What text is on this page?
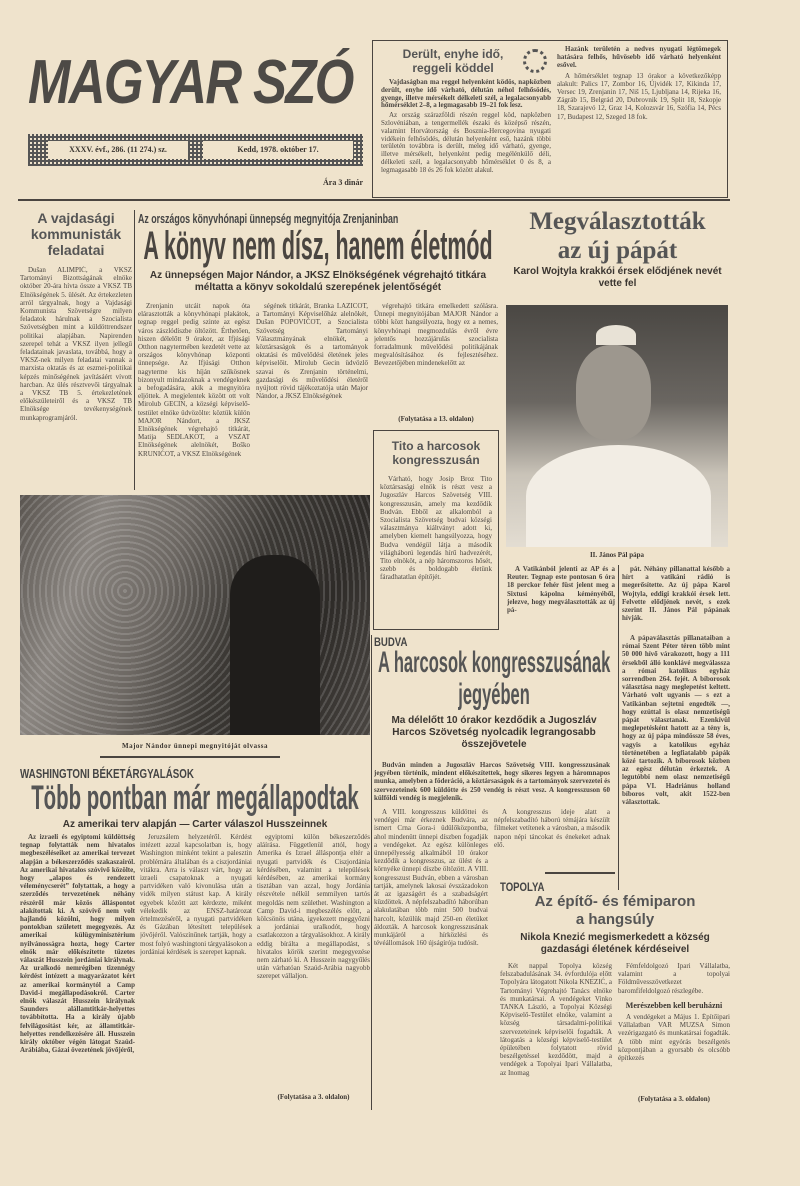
MAGYAR SZÓ
XXXV. évf., 286. (11 274.) sz.	Kedd, 1978. október 17.
Ára 3 dinár
Derült, enyhe idő,
reggeli köddel

Vajdaságban ma reggel helyenként ködös, napközben derült, enyhe idő várható, délután néhol felhősödés, gyenge, illetve mérsékelt délkeleti szél, a legalacsonyabb hőmérséklet 2–8, a legmagasabb 19–21 fok lesz.

Az ország szárazföldi részén reggel köd, napközben Szlovéniában, a tengermellék északi és középső részén, valamint Horvátország és Bosznia-Hercegovina nyugati vidékein felhősödés, délután helyenként eső, hazánk többi területén továbbra is derült, meleg idő várható, gyenge, illetve mérsékelt, helyenként pedig megélénkülő déli, délkeleti szél, a legalacsonyabb hőmérséklet 0 és 8, a legmagasabb 18 és 26 fok között alakul.

Hazánk területén a nedves nyugati légtömegek hatására felhős, hűvösebb idő várható helyenként esővel.

A hőmérséklet tegnap 13 órakor a következőképp alakult: Palics 17, Zombor 16, Újvidék 17, Kikinda 17, Versec 19, Zrenjanin 17, Niš 15, Ljubljana 14, Rijeka 16, Zágráb 15, Belgrád 20, Dubrovnik 19, Split 18, Szkopje 18, Szarajevó 12, Graz 14, Kolozsvár 16, Szófia 14, Pécs 17, Budapest 12, Szeged 18 fok.

A vajdasági kommunisták feladatai

Dušan ALIMPIĆ, a VKSZ Tartományi Bizottságának elnöke október 20-ára hívta össze a VKSZ TB Elnökségének 5. ülését. Az értekezleten arról tárgyalnak, hogy a Vajdasági Kommunista Szövetségre milyen feladatok hárulnak a Szocialista Szövetségben mint a küldöttrendszer politikai alapjában. Napirenden szerepel tehát a VKSZ ilyen jellegű feladatainak javaslata, továbbá, hogy a VKSZ-nek milyen feladatai vannak a marxista oktatás és az eszmei-politikai képzés minőségének javításáért vívott harcban. Az ülés résztvevői tárgyalnak a VKSZ TB 5. értekezletének előkészületeiről és a VKSZ TB Elnöksége tevékenységének munkaprogramjáról.

Az országos könyvhónapi ünnepség megnyitója Zrenjaninban
A könyv nem dísz, hanem életmód
Az ünnepségen Major Nándor, a JKSZ Elnökségének végrehajtó titkára méltatta a könyv sokoldalú szerepének jelentőségét

Zrenjanin utcáit napok óta elárasztották a könyvhónapi plakátok, tegnap reggel pedig szinte az egész város zászlódíszbe öltözött. Érthetően, hiszen délelőtt 9 órakor, az Ifjúsági Otthon nagytermében kezdetét vette az országos könyvhónap központi ünnepsége. Az Ifjúsági Otthon nagyterme kis híján szűkösnek bizonyult mindazoknak a vendégeknek a befogadására, akik a megnyitóra eljöttek. A megjelentek között ott volt Mirolub GECIN, a községi képviselő-testület elnöke üdvözölte: köztük külön MAJOR Nándort, a JKSZ Elnökségének végrehajtó titkárát, Matija SEDLAKOT, a VSZAT Elnökségének alelnökét, Boško KRUNIĆOT, a VKSZ Elnökségének

ségének titkárát, Branka LAZICOT, a Tartományi Képviselőház alelnökét, Dušan POPOVIĆOT, a Szocialista Szövetség Tartományi Választmányának elnökét, a köztársaságok és a tartományok oktatási és művelődési életének jeles képviselőit. Mirolub Gecin üdvözlő szavai és Zrenjanin történelmi, gazdasági és művelődési életéről nyújtott rövid tájékoztatója után Major Nándor, a JKSZ Elnökségének

végrehajtó titkára emelkedett szólásra. Ünnepi megnyitójában MAJOR Nándor a többi közt hangsúlyozta, hogy ez a nemes, könyvhónapi megmozdulás évről évre jelentős hozzájárulás szocialista forradalmunk művelődési politikájának megvalósításához és fejlesztéséhez. Bevezetőjében mindenekelőtt az

(Folytatása a 13. oldalon)
Tito a harcosok kongresszusán

Várható, hogy Josip Broz Tito köztársasági elnök is részt vesz a Jugoszláv Harcos Szövetség VIII. kongresszusán, amely ma kezdődik Budván. Ebből az alkalomból a Szocialista Szövetség budvai községi választmánya kiáltványt adott ki, amelyben kiemelt hangsúlyozza, hogy Budva vendégül látja a második világháború legendás hírű hadvezérét, Tito elnököt, a nép háromszoros hősét, szebb és boldogabb életünk fáradhatatlan építőjét.

Major Nándor ünnepi megnyitóját olvassa
WASHINGTONI BÉKETÁRGYALÁSOK
Több pontban már megállapodtak
Az amerikai terv alapján — Carter válaszol Husszeinnek

Az izraeli és egyiptomi küldöttség tegnap folytatták nem hivatalos megbeszéléseiket az amerikai tervezet alapján a békeszerződés szakaszairól. Az amerikai hivatalos szóvivő közölte, hogy „alapos és rendezett véleménycserét” folytattak, a hogy a szerződés tervezetének néhány részéről már közös álláspontot alakítottak ki. A szóvivő nem volt hajlandó közölni, hogy milyen pontokban született megegyezés. Az amerikai külügyminisztérium nyilvánosságra hozta, hogy Carter elnök már előkészítette tüzetes válaszát Husszein jordániai királynak. Az uralkodó nemrégiben tizennégy kérdést intézett a magyarázatot kért az amerikai kormánytól a Camp David-i megállapodásokról. Carter elnök válaszát Husszein királynak Saunders alállamtitkár-helyettes továbbította. Ha a király újabb felvilágosítást kér, az államtitkár-helyettes rendelkezésére áll. Husszein király október végén látogat Szaúd-Arábiába, Gázai övezetének jövőjéről,

Jeruzsálem helyzetéről. Kérdést intézett azzal kapcsolatban is, hogy Washington minként tekint a palesztin problémára általában és a ciszjordániai vitákra. Arra is választ várt, hogy az izraeli csapatoknak a nyugati partvidéken való kivonulása után a vidék milyen státust kap. A király egyebek között azt kérdezte, miként vélekedik az ENSZ-határozat értelmezéséről, a nyugati partvidéken és Gázában létesített települések jövőjéről. Valószínűnek tartják, hogy a most folyó washingtoni tárgyalásokon a jordániai kérdések is szerepet kapnak.

egyiptomi külön békeszerződés aláírása. Függetlenül attól, hogy Amerika és Izrael álláspontja eltér a nyugati partvidék és Ciszjordánia kérdésében, valamint a települések kérdésében, az amerikai kormány tisztában van azzal, hogy Jordánia részvétele nélkül semmilyen tartós megoldás nem születhet. Washington a Camp David-i megbeszélés előtt, a kölcsönös utána, igyekezett meggyőzni a jordániai uralkodót, hogy csatlakozzon a tárgyalásokhoz. A király eddig bírálta a megállapodást, s hivatalos körök szerint megegyezése nem zárható ki. A Husszein nagygyűlés után várhatóan Szaúd-Arábia nagyobb szerepet vállaljon.

(Folytatása a 3. oldalon)
Megválasztották
az új pápát
Karol Wojtyla krakkói érsek elődjének nevét vette fel
II. János Pál pápa

A Vatikánból jelenti az AP és a Reuter. Tegnap este pontosan 6 óra 18 perckor fehér füst jelent meg a Sixtusi kápolna kéményéből, jelezve, hogy megválasztották az új pá-

pát. Néhány pillanattal később a hírt a vatikáni rádió is megerősítette. Az új pápa Karol Wojtyla, eddigi krakkói érsek lett. Felvette elődjének nevét, s ezek szerint II. János Pál pápának hívják.

A pápaválasztás pillanataiban a római Szent Péter téren több mint 50 000 hívő várakozott, hogy a 111 érsekből álló konklávé megválassza a római katolikus egyház sorrendben 264. fejét. A bíborosok választása nagy meglepetést keltett. Várható volt ugyanis — s ezt a Vatikánban sejtetni engedték —, hogy ezúttal is olasz nemzetiségű pápát választanak. Ezenkívül meglepetésként hatott az a tény is, hogy az új pápa mindössze 58 éves, vagyis a katolikus egyház történetében a legfiatalabb pápák közé tartozik. A bíborosok közben az egész délután érkeztek. A legutóbbi nem olasz nemzetiségű pápa VI. Hadriánus holland bíboros volt, akit 1522-ben választottak.

BUDVA
A harcosok kongresszusának
jegyében
Ma délelőtt 10 órakor kezdődik a Jugoszláv Harcos Szövetség nyolcadik legrangosabb összejövetele

Budván minden a Jugoszláv Harcos Szövetség VIII. kongresszusának jegyében történik, mindent előkészítettek, hogy sikeres legyen a háromnapos munka, amelyben a föderáció, a köztársaságok és a tartományok szervezetei és szervezeteinek 600 küldötte és 250 vendég is részt vesz. A kongresszuson 60 külföldi vendég is megjelenik.

A VIII. kongresszus küldöttei és vendégei már érkeznek Budvára, az ismert Crna Gora-i üdülőközpontba, ahol mindenütt ünnepi díszben fogadják a vendégeket. Az egész különleges ünnepélyesség alkalmából 10 órakor kezdődik a kongresszus, az ülést és a környéke ünnepi díszbe öltözött. A VIII. kongresszust Budván, ebben a városban tartják, amelynek lakosai évszázadokon át az igazságért és a szabadságért küzdöttek. A népfelszabadító háborúban alakulatában több mint 500 budvai harcolt, közülük majd 250-en életüket áldozták. A harcosok kongresszusának munkájáról a hírközlési és tévéállomások 160 újságírója tudósít.

A kongresszus ideje alatt a népfelszabadító háború témájára készült filmeket vetítenek a városban, a második napon népi táncokat és énekeket adnak elő.

TOPOLYA
Az építő- és fémiparon
a hangsúly
Nikola Knezić megismerkedett a község gazdasági életének kérdéseivel

Két nappal Topolya község felszabadulásának 34. évfordulója előtt Topolyára látogatott Nikola KNEZIĆ, a Tartományi Végrehajtó Tanács elnöke és munkatársai. A vendégeket Vinko TANKA László, a Topolyai Községi Képviselő-Testület elnöke, valamint a község társadalmi-politikai szervezeteinek képviselői fogadták. A látogatás a községi képviselő-testület épületében folytatott rövid beszélgetéssel kezdődött, majd a vendégek a Topolyai Ipari Vállalatba, az Inomag

Fémfeldolgozó Ipari Vállalatba, valamint a topolyai Földművesszövetkezet baromfifeldolgozó részlegébe.

Merészebben kell beruházni

A vendégeket a Május 1. Építőipari Vállalatban VAR MUZSA Simon vezérigazgató és munkatársai fogadták. A több mint egyórás beszélgetés központjában a gyorsabb és olcsóbb építkezés

(Folytatása a 3. oldalon)
